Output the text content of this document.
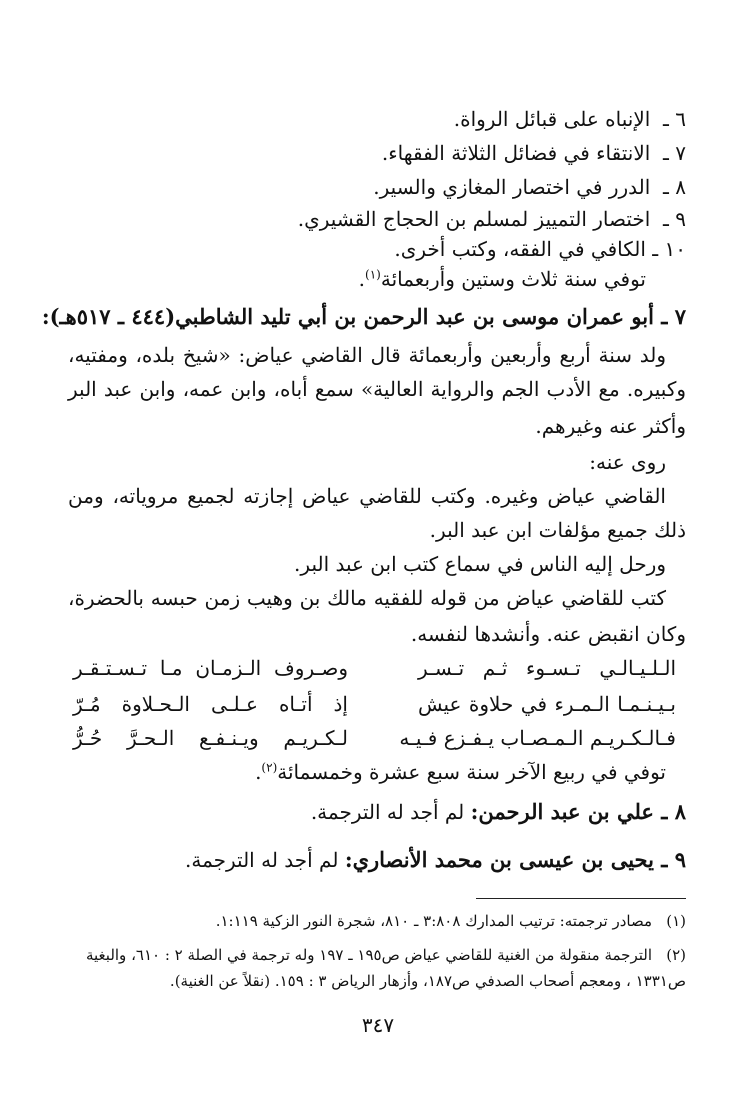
٦ ـ  الإنباه على قبائل الرواة.
٧ ـ  الانتقاء في فضائل الثلاثة الفقهاء.
٨ ـ  الدرر في اختصار المغازي والسير.
٩ ـ  اختصار التمييز لمسلم بن الحجاج القشيري.
١٠ ـ الكافي في الفقه، وكتب أخرى.
توفي سنة ثلاث وستين وأربعمائة$^{(١)}$.
٧ ـ أبو عمران موسى بن عبد الرحمن بن أبي تليد الشاطبي(٤٤٤ ـ ٥١٧هـ):
ولد سنة أربع وأربعين وأربعمائة قال القاضي عياض: «شيخ بلده، ومفتيه،
وكبيره. مع الأدب الجم والرواية العالية» سمع أباه، وابن عمه، وابن عبد البر
وأكثر عنه وغيرهم.
روى عنه:
القاضي عياض وغيره. وكتب للقاضي عياض إجازته لجميع مروياته، ومن
ذلك جميع مؤلفات ابن عبد البر.
ورحل إليه الناس في سماع كتب ابن عبد البر.
كتب للقاضي عياض من قوله للفقيه مالك بن وهيب زمن حبسه بالحضرة،
وكان انقبض عنه. وأنشدها لنفسه.
الـلـيـالـي تـسـوء ثـم تـسـر
وصـروف الـزمـان مـا تـسـتـقـر
بـيـنـمـا الـمـرء في حلاوة عيش
إذ أتـاه عـلـى الـحـلاوة مُـرّ
فـالـكـريـم الـمـصـاب يـفـزع فـيـه
لـكـريـم ويـنـفـع الـحـرَّ حُـرُّ
توفي في ربيع الآخر سنة سبع عشرة وخمسمائة$^{(٢)}$.
٨ ـ علي بن عبد الرحمن: لم أجد له الترجمة.
٩ ـ يحيى بن عيسى بن محمد الأنصاري: لم أجد له الترجمة.
(١)مصادر ترجمته: ترتيب المدارك ٣:٨٠٨ ـ ٨١٠، شجرة النور الزكية ١:١١٩.
(٢)الترجمة منقولة من الغنية للقاضي عياض ص١٩٥ ـ ١٩٧ وله ترجمة في الصلة ٢ : ٦١٠، والبغية
ص١٣٣١ ، ومعجم أصحاب الصدفي ص١٨٧، وأزهار الرياض ٣ : ١٥٩. (نقلاً عن الغنية).
٣٤٧
